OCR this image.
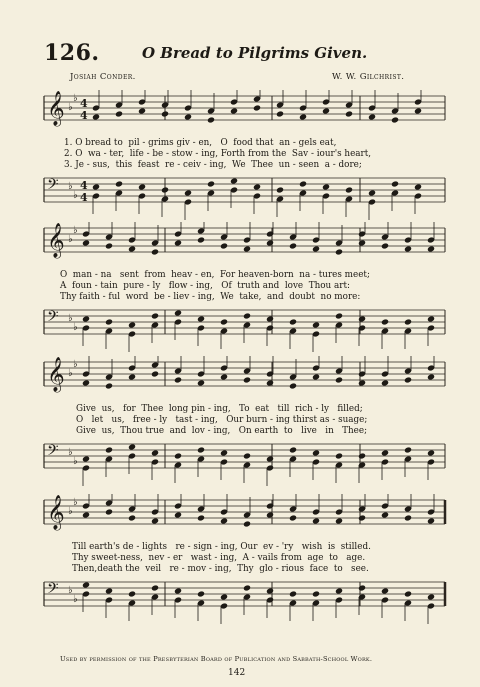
126.	O Bread to Pilgrims Given.
Josiah Conder.	W. W. Gilchrist.
𝄞 ♭
♭ 4
4
1. O bread to  pil - grims giv - en,   O  food that  an - gels eat,
2. O  wa - ter,  life - be - stow - ing, Forth from the  Sav - iour's heart,
3. Je - sus,  this  feast  re - ceiv - ing,  We  Thee  un - seen  a - dore;
𝄢 ♭
♭
4
4
𝄞 ♭
♭
O  man - na   sent  from  heav - en,  For heaven-born  na - tures meet;
A  foun - tain  pure - ly   flow - ing,   Of  truth and  love  Thou art:
Thy faith - ful  word  be - liev - ing,  We  take,  and  doubt  no more:
𝄢 ♭
♭
𝄞 ♭
♭
Give  us,   for  Thee  long pin - ing,   To  eat   till  rich - ly   filled;
O   let   us,   free - ly   tast - ing,   Our burn - ing thirst as - suage;
Give  us,  Thou true  and  lov - ing,   On earth  to   live   in   Thee;
𝄢 ♭
♭
𝄞 ♭
♭
Till earth's de - lights   re - sign - ing, Our  ev - 'ry   wish  is  stilled.
Thy sweet-ness,  nev - er   wast - ing,  A - vails from  age  to   age.
Then,death the  veil   re - mov - ing,  Thy  glo - rious  face  to   see.
𝄢 ♭
♭
Used by permission of the Presbyterian Board of Publication and Sabbath-School Work.
142
